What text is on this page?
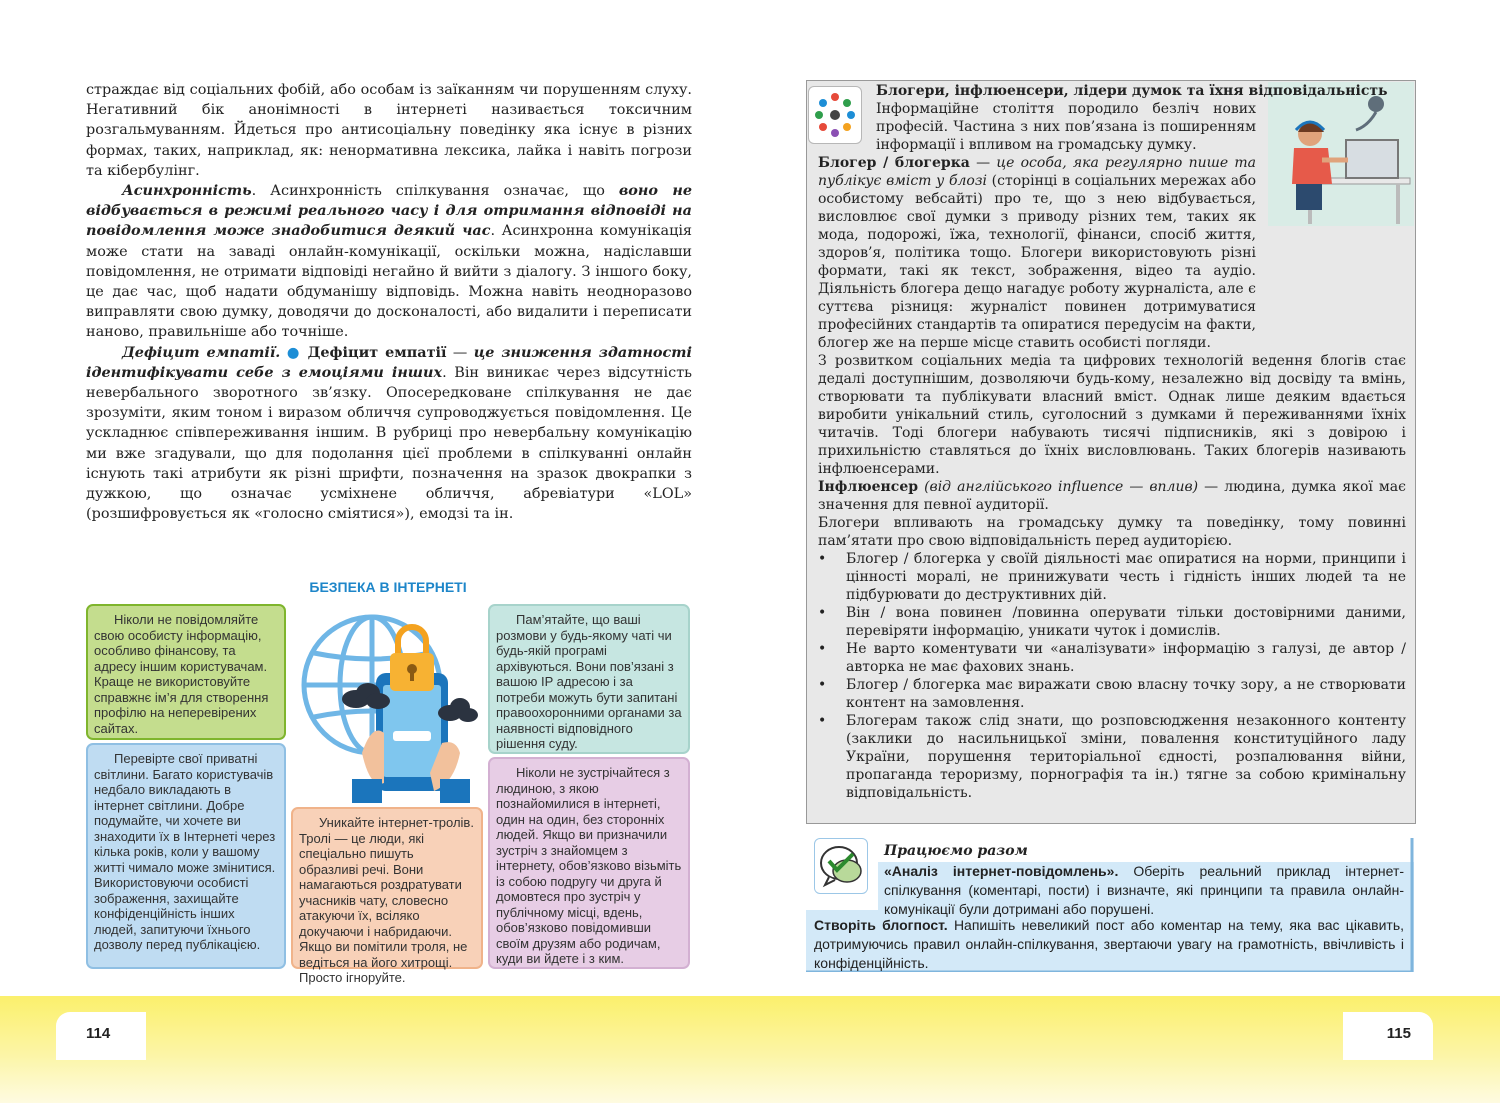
страждає від соціальних фобій, або особам із заїканням чи порушенням слуху. Негативний бік анонімності в інтернеті називається токсичним розгальмуванням. Йдеться про антисоціальну поведінку яка існує в різних формах, таких, наприклад, як: ненормативна лексика, лайка і навіть погрози та кібербулінг.

Асинхронність. Асинхронність спілкування означає, що воно не відбувається в режимі реального часу і для отримання відповіді на повідомлення може знадобитися деякий час. Асинхронна комунікація може стати на заваді онлайн-комунікації, оскільки можна, надіславши повідомлення, не отримати відповіді негайно й вийти з діалогу. З іншого боку, це дає час, щоб надати обдуманішу відповідь. Можна навіть неодноразово виправляти свою думку, доводячи до досконалості, або видалити і переписати наново, правильніше або точніше.

Дефіцит емпатії. ● Дефіцит емпатії — це зниження здатності ідентифікувати себе з емоціями інших. Він виникає через відсутність невербального зворотного зв’язку. Опосередковане спілкування не дає зрозуміти, яким тоном і виразом обличчя супроводжується повідомлення. Це ускладнює співпереживання іншим. В рубриці про невербальну комунікацію ми вже згадували, що для подолання цієї проблеми в спілкуванні онлайн існують такі атрибути як різні шрифти, позначення на зразок двокрапки з дужкою, що означає усміхнене обличчя, абревіатури «LOL» (розшифровується як «голосно сміятися»), емодзі та ін.

БЕЗПЕКА В ІНТЕРНЕТІ
Ніколи не повідомляйте свою особисту інформацію, особливо фінансову, та адресу іншим користувачам. Краще не використовуйте справжнє ім’я для створення профілю на неперевірених сайтах.
Перевірте свої приватні світлини. Багато користувачів недбало викладають в інтернет світлини. Добре подумайте, чи хочете ви знаходити їх в Інтернеті через кілька років, коли у вашому житті чимало може змінитися. Використовуючи особисті зображення, захищайте конфіденційність інших людей, запитуючи їхнього дозволу перед публікацією.
Пам’ятайте, що ваші розмови у будь-якому чаті чи будь-якій програмі архівуються. Вони пов’язані з вашою IP адресою і за потреби можуть бути запитані правоохоронними органами за наявності відповідного рішення суду.
Уникайте інтернет-тролів. Тролі — це люди, які спеціально пишуть образливі речі. Вони намагаються роздратувати учасників чату, словесно атакуючи їх, всіляко докучаючи і набридаючи. Якщо ви помітили троля, не ведіться на його хитрощі. Просто ігноруйте.
Ніколи не зустрічайтеся з людиною, з якою познайомилися в інтернеті, один на один, без сторонніх людей. Якщо ви призначили зустріч з знайомцем з інтернету, обов’язково візьміть із собою подругу чи друга й домовтеся про зустріч у публічному місці, вдень, обов’язково повідомивши своїм друзям або родичам, куди ви йдете і з ким.

Блогери, інфлюенсери, лідери думок та їхня відповідальність

Інформаційне століття породило безліч нових професій. Частина з них пов’язана із поширенням інформації і впливом на громадську думку.

Блогер / блогерка — це особа, яка регулярно пише та публікує вміст у блозі (сторінці в соціальних мережах або особистому вебсайті) про те, що з нею відбувається, висловлює свої думки з приводу різних тем, таких як мода, подорожі, їжа, технології, фінанси, спосіб життя, здоров’я, політика тощо. Блогери використовують різні формати, такі як текст, зображення, відео та аудіо. Діяльність блогера дещо нагадує роботу журналіста, але є суттєва різниця: журналіст повинен дотримуватися професійних стандартів та опиратися передусім на факти, блогер же на перше місце ставить особисті погляди.

З розвитком соціальних медіа та цифрових технологій ведення блогів стає дедалі доступнішим, дозволяючи будь-кому, незалежно від досвіду та вмінь, створювати та публікувати власний вміст. Однак лише деяким вдається виробити унікальний стиль, суголосний з думками й переживаннями їхніх читачів. Тоді блогери набувають тисячі підписників, які з довірою і прихильністю ставляться до їхніх висловлювань. Таких блогерів називають інфлюенсерами.

Інфлюенсер (від англійського influence — вплив) — людина, думка якої має значення для певної аудиторії.

Блогери впливають на громадську думку та поведінку, тому повинні пам’ятати про свою відповідальність перед аудиторією.

• Блогер / блогерка у своїй діяльності має опиратися на норми, принципи і цінності моралі, не принижувати честь і гідність інших людей та не підбурювати до деструктивних дій.
• Він / вона повинен /повинна оперувати тільки достовірними даними, перевіряти інформацію, уникати чуток і домислів.
• Не варто коментувати чи «аналізувати» інформацію з галузі, де автор / авторка не має фахових знань.
• Блогер / блогерка має виражати свою власну точку зору, а не створювати контент на замовлення.
• Блогерам також слід знати, що розповсюдження незаконного контенту (заклики до насильницької зміни, повалення конституційного ладу України, порушення територіальної єдності, розпалювання війни, пропаганда тероризму, порнографія та ін.) тягне за собою кримінальну відповідальність.
Працюємо разом
«Аналіз інтернет-повідомлень». Оберіть реальний приклад інтернет-спілкування (коментарі, пости) і визначте, які принципи та правила онлайн-комунікації були дотримані або порушені.
Створіть блогпост. Напишіть невеликий пост або коментар на тему, яка вас цікавить, дотримуючись правил онлайн-спілкування, звертаючи увагу на грамотність, ввічливість і конфіденційність.
114	115
